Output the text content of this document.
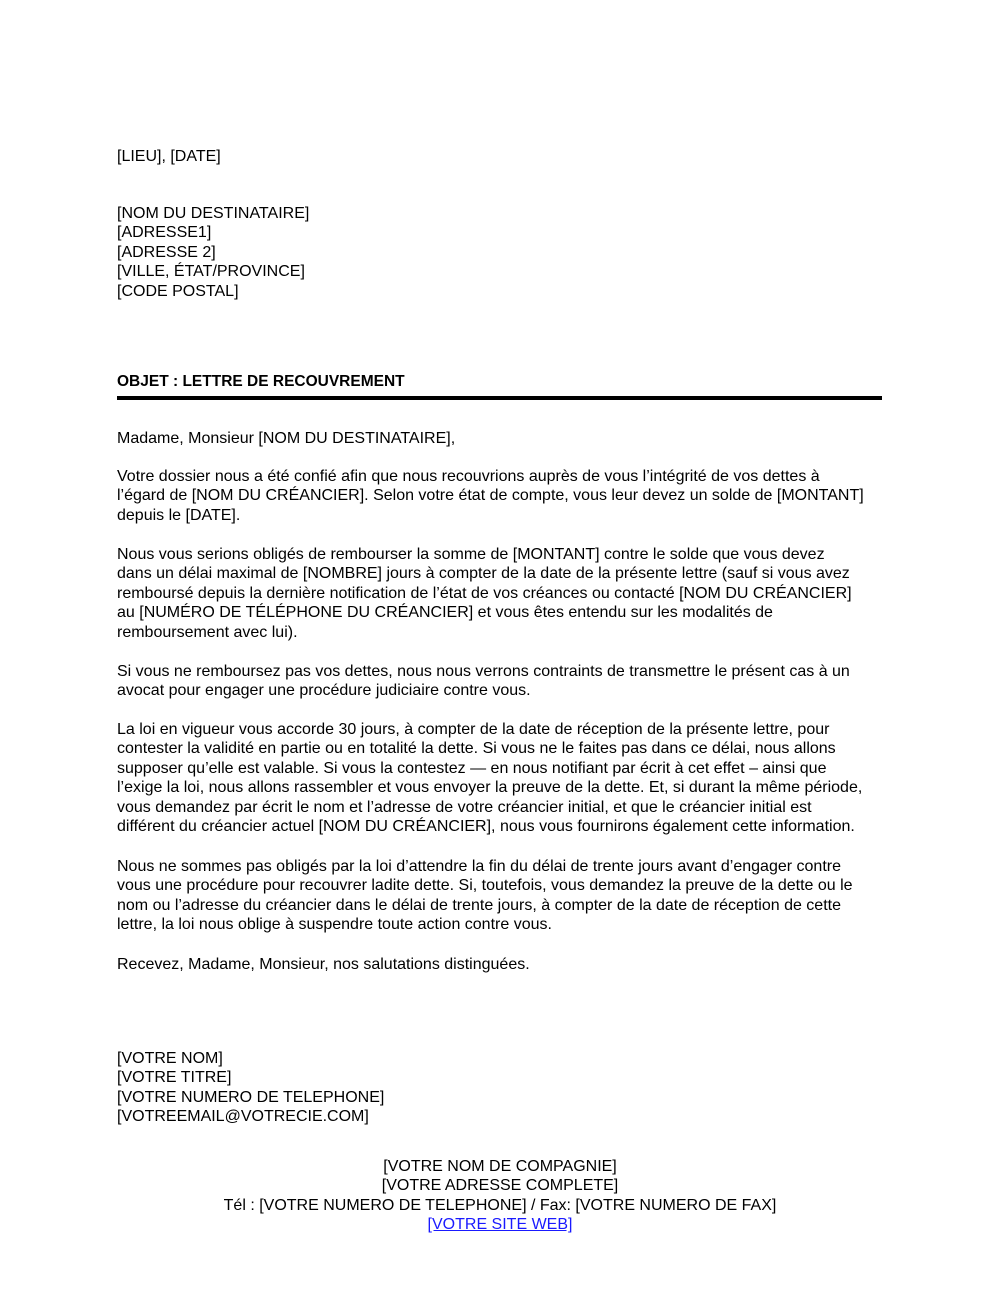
[LIEU], [DATE]
[NOM DU DESTINATAIRE]
[ADRESSE1]
[ADRESSE 2]
[VILLE, ÉTAT/PROVINCE]
[CODE POSTAL]
OBJET : LETTRE DE RECOUVREMENT
Madame, Monsieur [NOM DU DESTINATAIRE],
Votre dossier nous a été confié afin que nous recouvrions auprès de vous l’intégrité de vos dettes à
l’égard de [NOM DU CRÉANCIER]. Selon votre état de compte, vous leur devez un solde de [MONTANT]
depuis le [DATE].
Nous vous serions obligés de rembourser la somme de [MONTANT] contre le solde que vous devez
dans un délai maximal de [NOMBRE] jours à compter de la date de la présente lettre (sauf si vous avez
remboursé depuis la dernière notification de l’état de vos créances ou contacté [NOM DU CRÉANCIER]
au [NUMÉRO DE TÉLÉPHONE DU CRÉANCIER] et vous êtes entendu sur les modalités de
remboursement avec lui).
Si vous ne remboursez pas vos dettes, nous nous verrons contraints de transmettre le présent cas à un
avocat pour engager une procédure judiciaire contre vous.
La loi en vigueur vous accorde 30 jours, à compter de la date de réception de la présente lettre, pour
contester la validité en partie ou en totalité la dette. Si vous ne le faites pas dans ce délai, nous allons
supposer qu’elle est valable. Si vous la contestez — en nous notifiant par écrit à cet effet – ainsi que
l’exige la loi, nous allons rassembler et vous envoyer la preuve de la dette. Et, si durant la même période,
vous demandez par écrit le nom et l’adresse de votre créancier initial, et que le créancier initial est
différent du créancier actuel [NOM DU CRÉANCIER], nous vous fournirons également cette information.
Nous ne sommes pas obligés par la loi d’attendre la fin du délai de trente jours avant d’engager contre
vous une procédure pour recouvrer ladite dette. Si, toutefois, vous demandez la preuve de la dette ou le
nom ou l’adresse du créancier dans le délai de trente jours, à compter de la date de réception de cette
lettre, la loi nous oblige à suspendre toute action contre vous.
Recevez, Madame, Monsieur, nos salutations distinguées.
[VOTRE NOM]
[VOTRE TITRE]
[VOTRE NUMERO DE TELEPHONE]
[VOTREEMAIL@VOTRECIE.COM]
[VOTRE NOM DE COMPAGNIE]
[VOTRE ADRESSE COMPLETE]
Tél : [VOTRE NUMERO DE TELEPHONE] / Fax: [VOTRE NUMERO DE FAX]
[VOTRE SITE WEB]
